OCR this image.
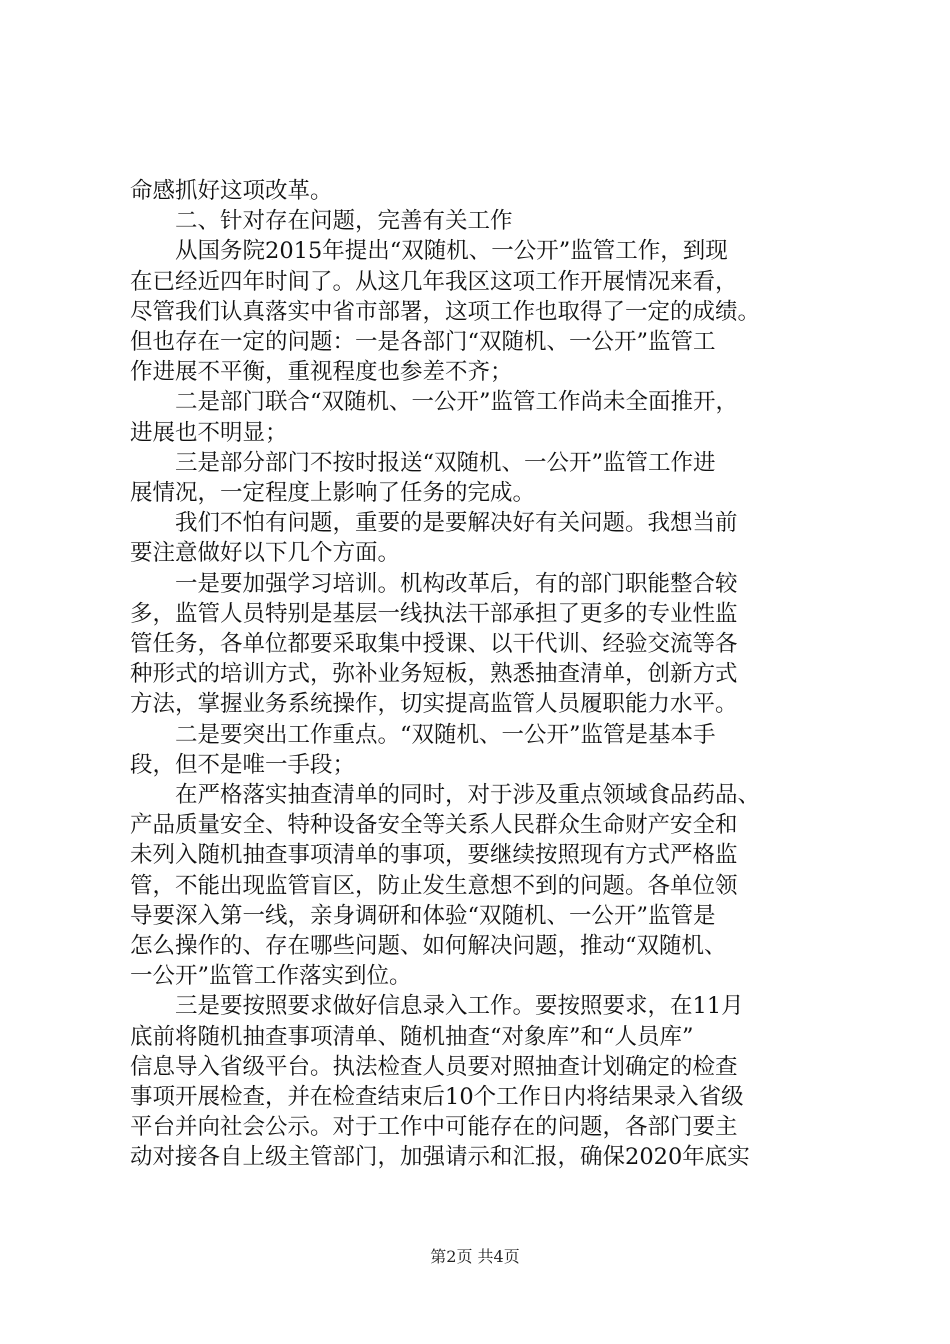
命感抓好这项改革。
　　二、针对存在问题，完善有关工作
　　从国务院2015年提出“双随机、一公开”监管工作，到现
在已经近四年时间了。从这几年我区这项工作开展情况来看，
尽管我们认真落实中省市部署，这项工作也取得了一定的成绩。
但也存在一定的问题：一是各部门“双随机、一公开”监管工
作进展不平衡，重视程度也参差不齐；
　　二是部门联合“双随机、一公开”监管工作尚未全面推开，
进展也不明显；
　　三是部分部门不按时报送“双随机、一公开”监管工作进
展情况，一定程度上影响了任务的完成。
　　我们不怕有问题，重要的是要解决好有关问题。我想当前
要注意做好以下几个方面。
　　一是要加强学习培训。机构改革后，有的部门职能整合较
多，监管人员特别是基层一线执法干部承担了更多的专业性监
管任务，各单位都要采取集中授课、以干代训、经验交流等各
种形式的培训方式，弥补业务短板，熟悉抽查清单，创新方式
方法，掌握业务系统操作，切实提高监管人员履职能力水平。
　　二是要突出工作重点。“双随机、一公开”监管是基本手
段，但不是唯一手段；
　　在严格落实抽查清单的同时，对于涉及重点领域食品药品、
产品质量安全、特种设备安全等关系人民群众生命财产安全和
未列入随机抽查事项清单的事项，要继续按照现有方式严格监
管，不能出现监管盲区，防止发生意想不到的问题。各单位领
导要深入第一线，亲身调研和体验“双随机、一公开”监管是
怎么操作的、存在哪些问题、如何解决问题，推动“双随机、
一公开”监管工作落实到位。
　　三是要按照要求做好信息录入工作。要按照要求，在11月
底前将随机抽查事项清单、随机抽查“对象库”和“人员库”
信息导入省级平台。执法检查人员要对照抽查计划确定的检查
事项开展检查，并在检查结束后10个工作日内将结果录入省级
平台并向社会公示。对于工作中可能存在的问题，各部门要主
动对接各自上级主管部门，加强请示和汇报，确保2020年底实
第2页 共4页
